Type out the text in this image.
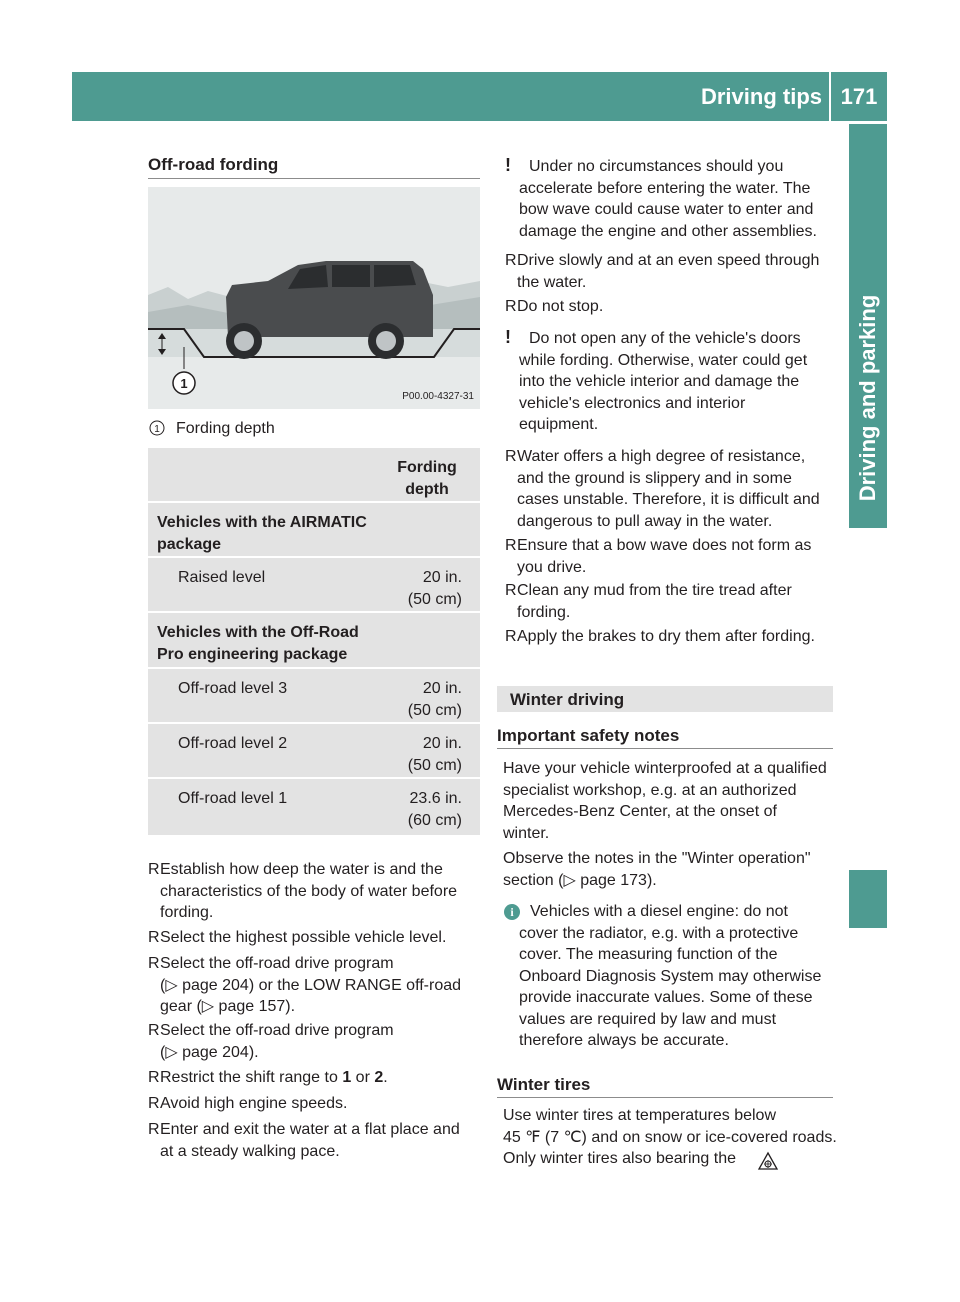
Driving tips 171
Driving and parking
Off-road fording
1
P00.00-4327-31
1 Fording depth
Fording
depth
Vehicles with the AIRMATIC
package
Raised level	20 in.
(50 cm)
Vehicles with the Off-Road
Pro engineering package
Off-road level 3	20 in.
(50 cm)
Off-road level 2	20 in.
(50 cm)
Off-road level 1	23.6 in.
(60 cm)
R Establish how deep the water is and the
characteristics of the body of water before
fording.
R Select the highest possible vehicle level.
R Select the off-road drive program
(▷ page 204) or the LOW RANGE off-road
gear (▷ page 157).
R Select the off-road drive program
(▷ page 204).
R Restrict the shift range to 1 or 2.
R Avoid high engine speeds.
R Enter and exit the water at a flat place and
at a steady walking pace.
!	Under no circumstances should you
accelerate before entering the water. The
bow wave could cause water to enter and
damage the engine and other assemblies.
R Drive slowly and at an even speed through
the water.
R Do not stop.
!	Do not open any of the vehicle's doors
while fording. Otherwise, water could get
into the vehicle interior and damage the
vehicle's electronics and interior
equipment.
R Water offers a high degree of resistance,
and the ground is slippery and in some
cases unstable. Therefore, it is difficult and
dangerous to pull away in the water.
R Ensure that a bow wave does not form as
you drive.
R Clean any mud from the tire tread after
fording.
R Apply the brakes to dry them after fording.
Winter driving
Important safety notes
Have your vehicle winterproofed at a qualified
specialist workshop, e.g. at an authorized
Mercedes-Benz Center, at the onset of
winter.
Observe the notes in the "Winter operation"
section (▷ page 173).
i	Vehicles with a diesel engine: do not
cover the radiator, e.g. with a protective
cover. The measuring function of the
Onboard Diagnosis System may otherwise
provide inaccurate values. Some of these
values are required by law and must
therefore always be accurate.
Winter tires
Use winter tires at temperatures below
45 ℉ (7 ℃) and on snow or ice-covered roads.
Only winter tires also bearing the
